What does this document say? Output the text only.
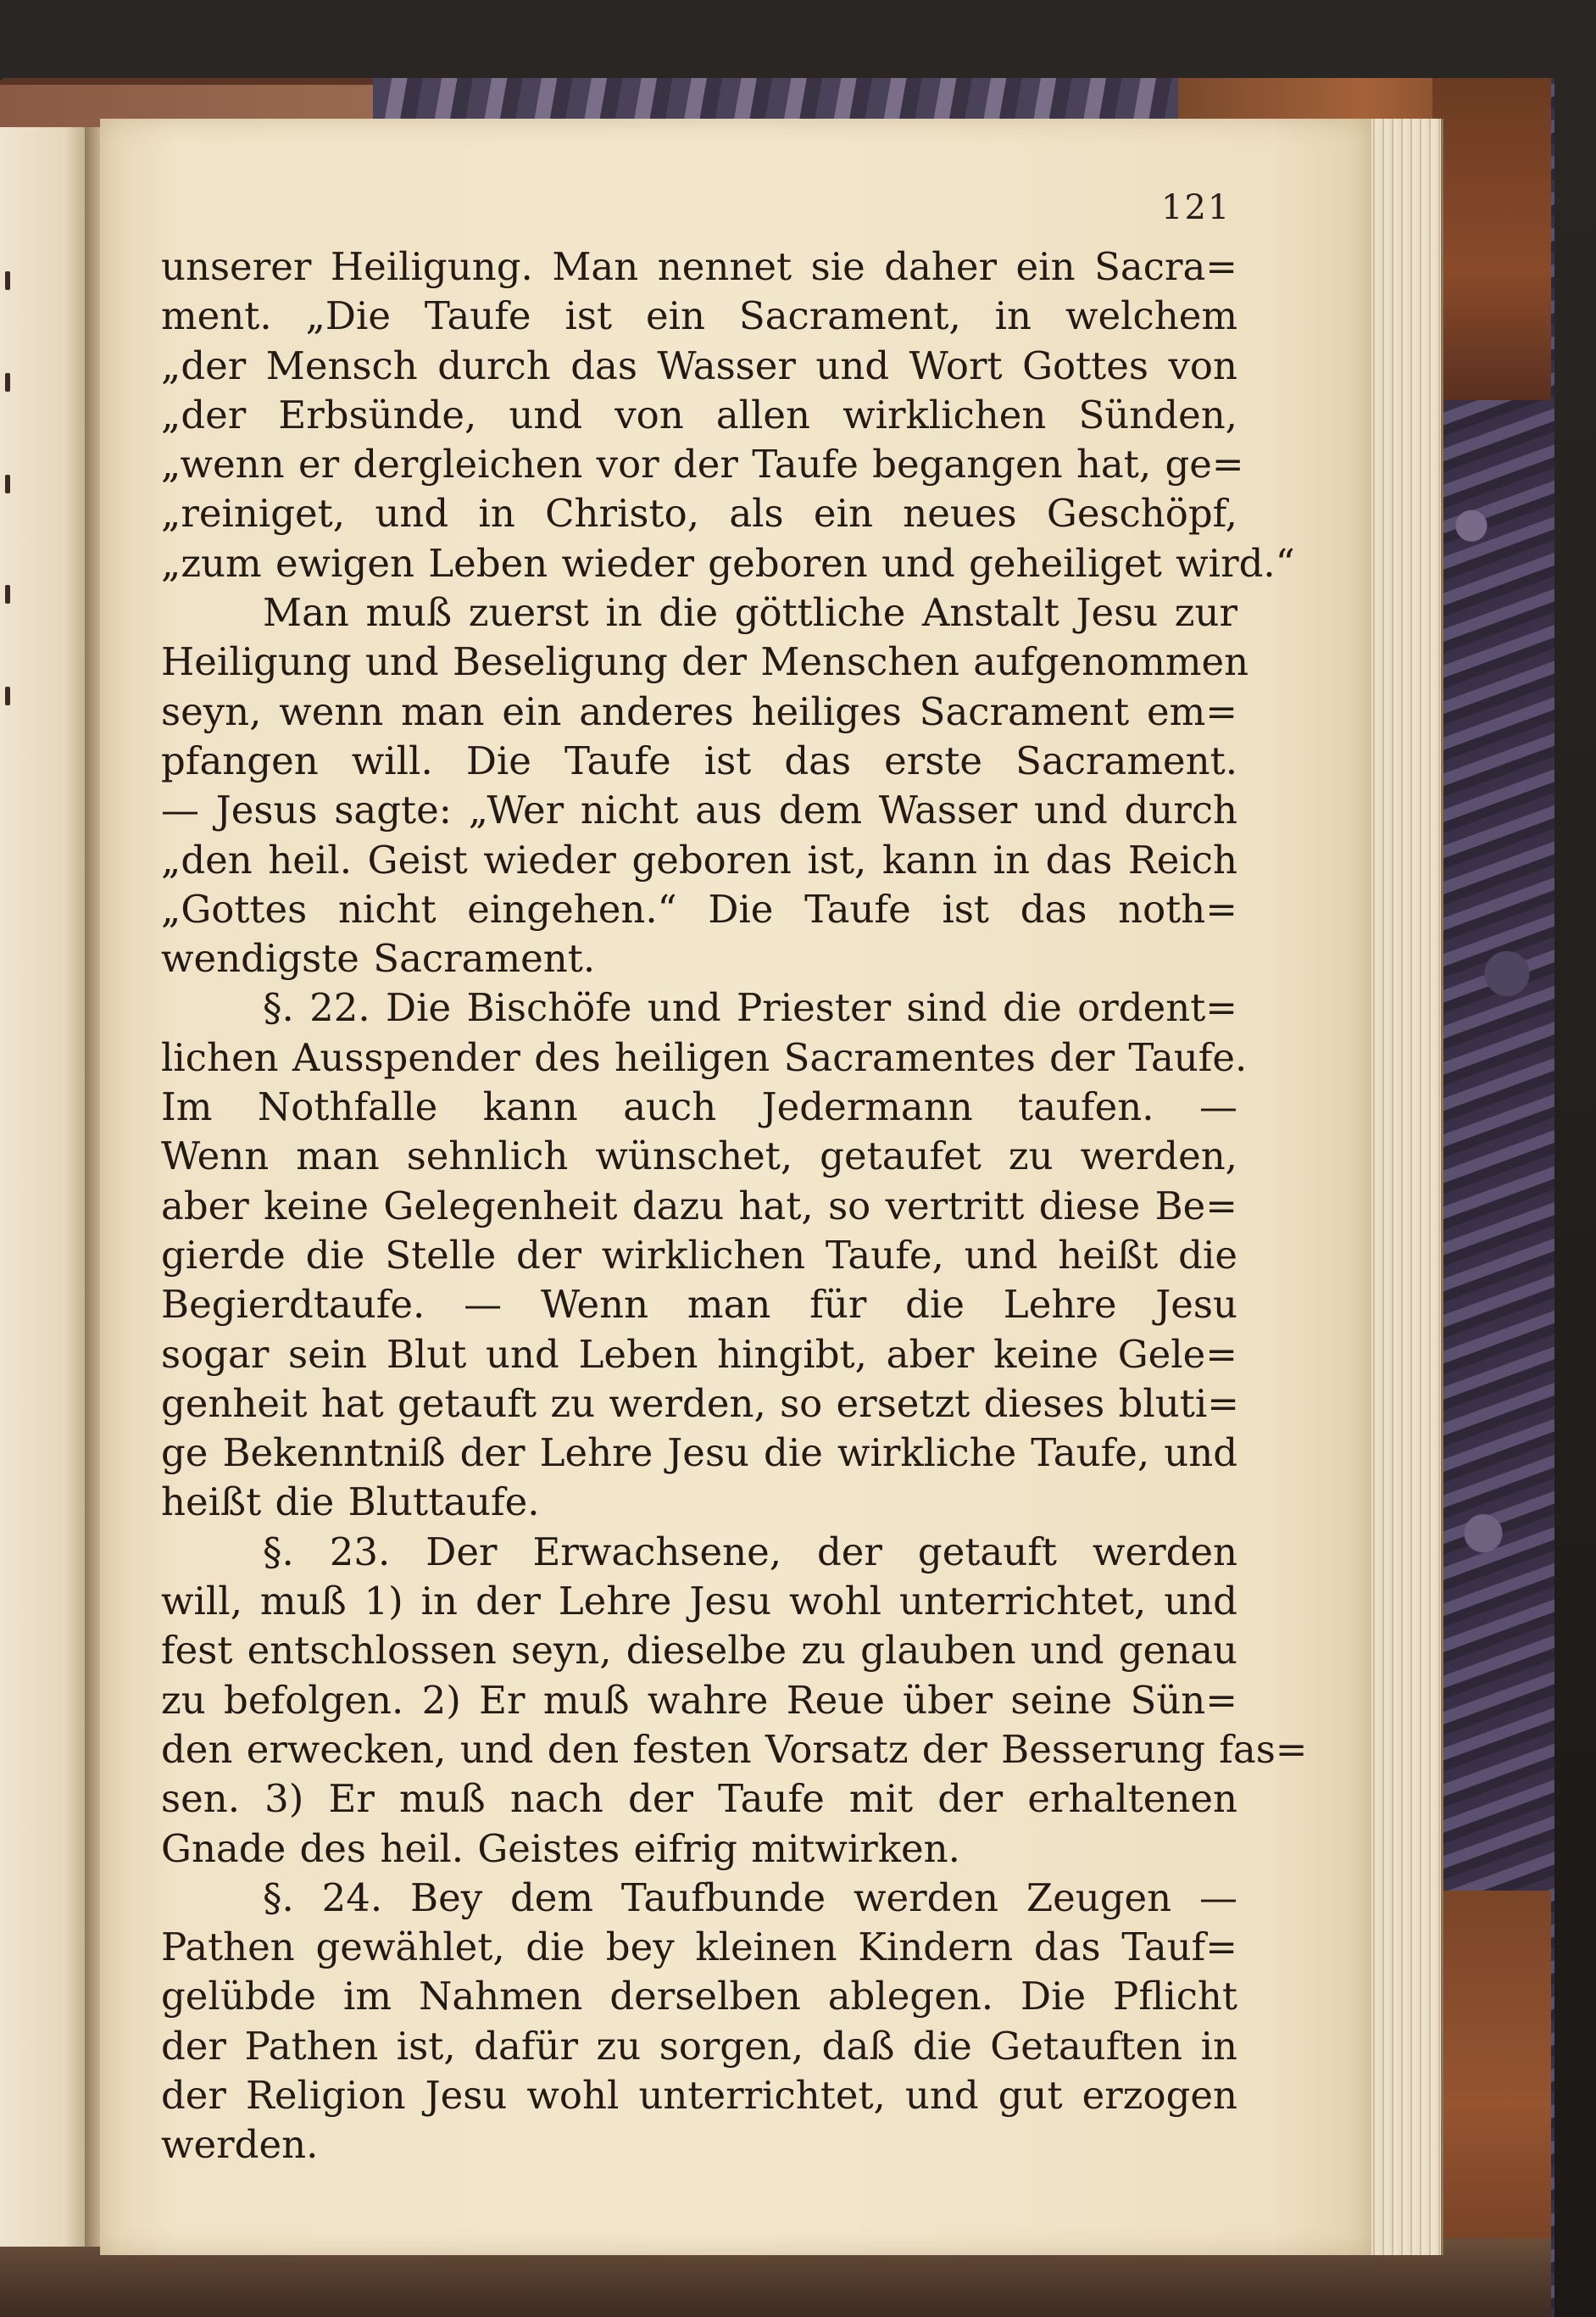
121
unserer Heiligung. Man nennet sie daher ein Sacra=
ment. „Die Taufe ist ein Sacrament, in welchem
„der Mensch durch das Wasser und Wort Gottes von
„der Erbsünde, und von allen wirklichen Sünden,
„wenn er dergleichen vor der Taufe begangen hat, ge=
„reiniget, und in Christo, als ein neues Geschöpf,
„zum ewigen Leben wieder geboren und geheiliget wird.“
Man muß zuerst in die göttliche Anstalt Jesu zur
Heiligung und Beseligung der Menschen aufgenommen
seyn, wenn man ein anderes heiliges Sacrament em=
pfangen will. Die Taufe ist das erste Sacrament.
— Jesus sagte: „Wer nicht aus dem Wasser und durch
„den heil. Geist wieder geboren ist, kann in das Reich
„Gottes nicht eingehen.“ Die Taufe ist das noth=
wendigste Sacrament.
§. 22. Die Bischöfe und Priester sind die ordent=
lichen Ausspender des heiligen Sacramentes der Taufe.
Im Nothfalle kann auch Jedermann taufen. —
Wenn man sehnlich wünschet, getaufet zu werden,
aber keine Gelegenheit dazu hat, so vertritt diese Be=
gierde die Stelle der wirklichen Taufe, und heißt die
Begierdtaufe. — Wenn man für die Lehre Jesu
sogar sein Blut und Leben hingibt, aber keine Gele=
genheit hat getauft zu werden, so ersetzt dieses bluti=
ge Bekenntniß der Lehre Jesu die wirkliche Taufe, und
heißt die Bluttaufe.
§. 23. Der Erwachsene, der getauft werden
will, muß 1) in der Lehre Jesu wohl unterrichtet, und
fest entschlossen seyn, dieselbe zu glauben und genau
zu befolgen. 2) Er muß wahre Reue über seine Sün=
den erwecken, und den festen Vorsatz der Besserung fas=
sen. 3) Er muß nach der Taufe mit der erhaltenen
Gnade des heil. Geistes eifrig mitwirken.
§. 24. Bey dem Taufbunde werden Zeugen —
Pathen gewählet, die bey kleinen Kindern das Tauf=
gelübde im Nahmen derselben ablegen. Die Pflicht
der Pathen ist, dafür zu sorgen, daß die Getauften in
der Religion Jesu wohl unterrichtet, und gut erzogen
werden.
